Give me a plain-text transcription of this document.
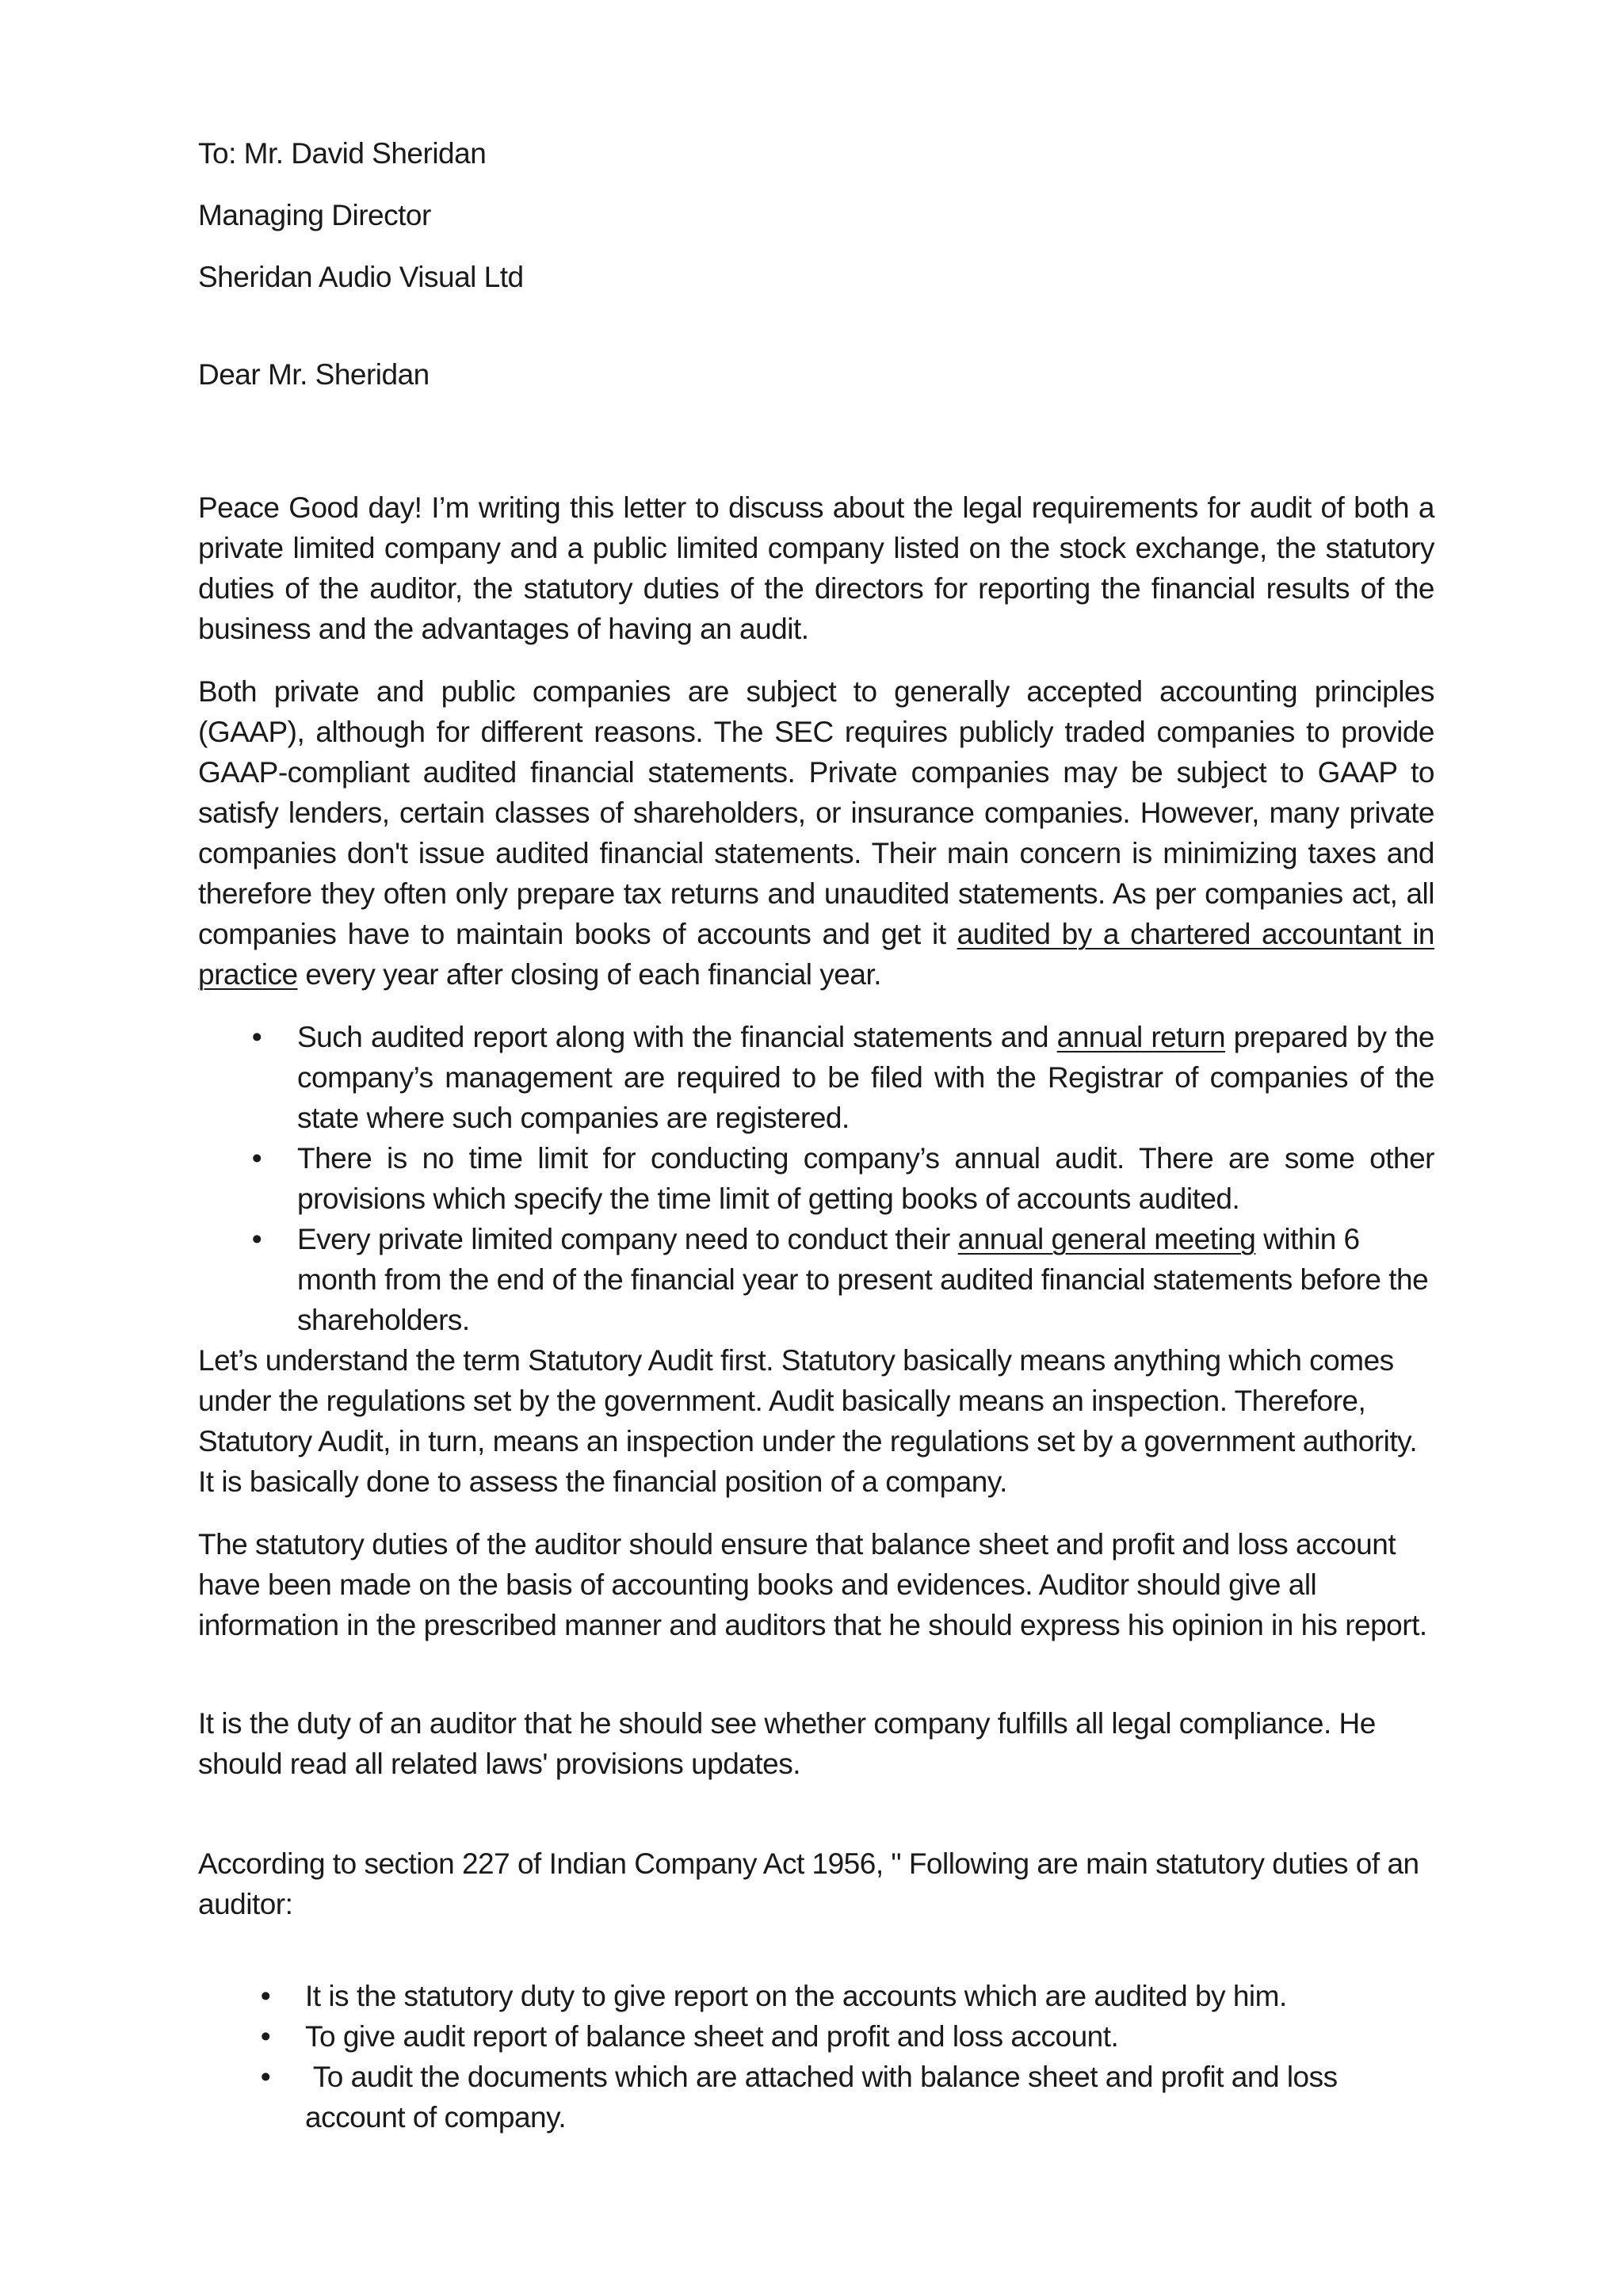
To: Mr. David Sheridan

Managing Director

Sheridan Audio Visual Ltd

Dear Mr. Sheridan

Peace Good day! I’m writing this letter to discuss about the legal requirements for audit of both a private limited company and a public limited company listed on the stock exchange, the statutory duties of the auditor, the statutory duties of the directors for reporting the financial results of the business and the advantages of having an audit.

Both private and public companies are subject to generally accepted accounting principles (GAAP), although for different reasons. The SEC requires publicly traded companies to provide GAAP-compliant audited financial statements. Private companies may be subject to GAAP to satisfy lenders, certain classes of shareholders, or insurance companies. However, many private companies don't issue audited financial statements. Their main concern is minimizing taxes and therefore they often only prepare tax returns and unaudited statements. As per companies act, all companies have to maintain books of accounts and get it audited by a chartered accountant in practice every year after closing of each financial year.

• Such audited report along with the financial statements and annual return prepared by the company’s management are required to be filed with the Registrar of companies of the state where such companies are registered.
• There is no time limit for conducting company’s annual audit. There are some other provisions which specify the time limit of getting books of accounts audited.
• Every private limited company need to conduct their annual general meeting within 6 month from the end of the financial year to present audited financial statements before the shareholders.

Let’s understand the term Statutory Audit first. Statutory basically means anything which comes under the regulations set by the government. Audit basically means an inspection. Therefore, Statutory Audit, in turn, means an inspection under the regulations set by a government authority. It is basically done to assess the financial position of a company.

The statutory duties of the auditor should ensure that balance sheet and profit and loss account have been made on the basis of accounting books and evidences. Auditor should give all information in the prescribed manner and auditors that he should express his opinion in his report.

It is the duty of an auditor that he should see whether company fulfills all legal compliance. He should read all related laws' provisions updates.

According to section 227 of Indian Company Act 1956, " Following are main statutory duties of an auditor:

• It is the statutory duty to give report on the accounts which are audited by him.
• To give audit report of balance sheet and profit and loss account.
• To audit the documents which are attached with balance sheet and profit and loss account of company.
